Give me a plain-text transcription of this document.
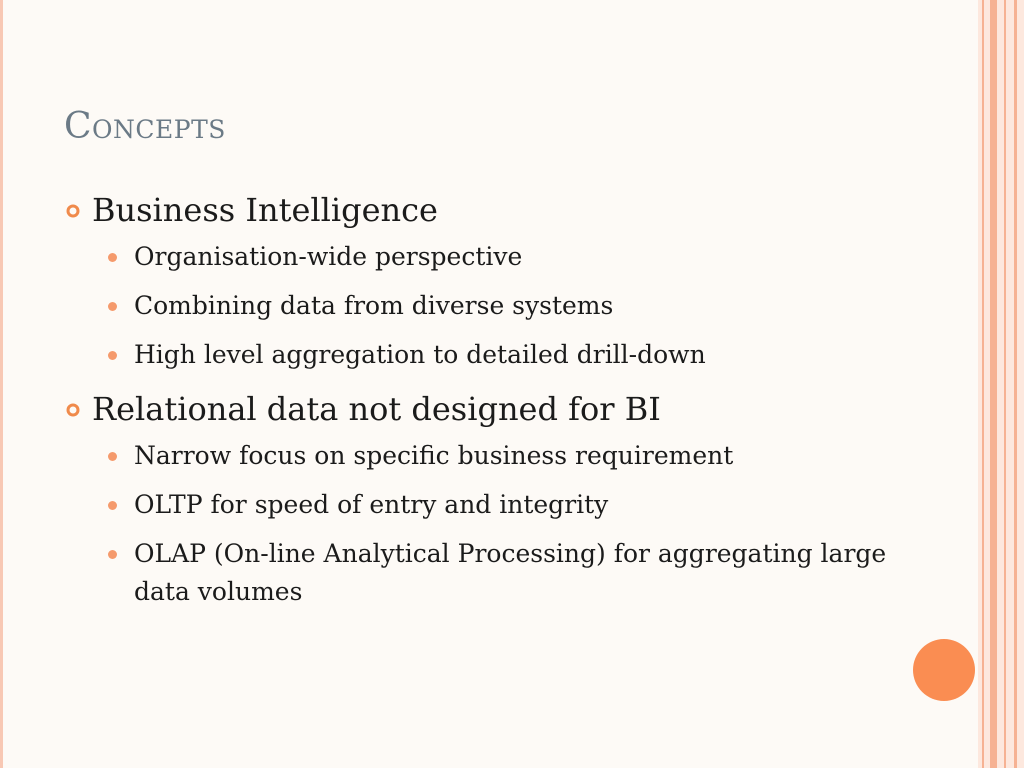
Concepts
Business Intelligence
Organisation-wide perspective
Combining data from diverse systems
High level aggregation to detailed drill-down
Relational data not designed for BI
Narrow focus on specific business requirement
OLTP for speed of entry and integrity
OLAP (On-line Analytical Processing) for aggregating large data volumes
